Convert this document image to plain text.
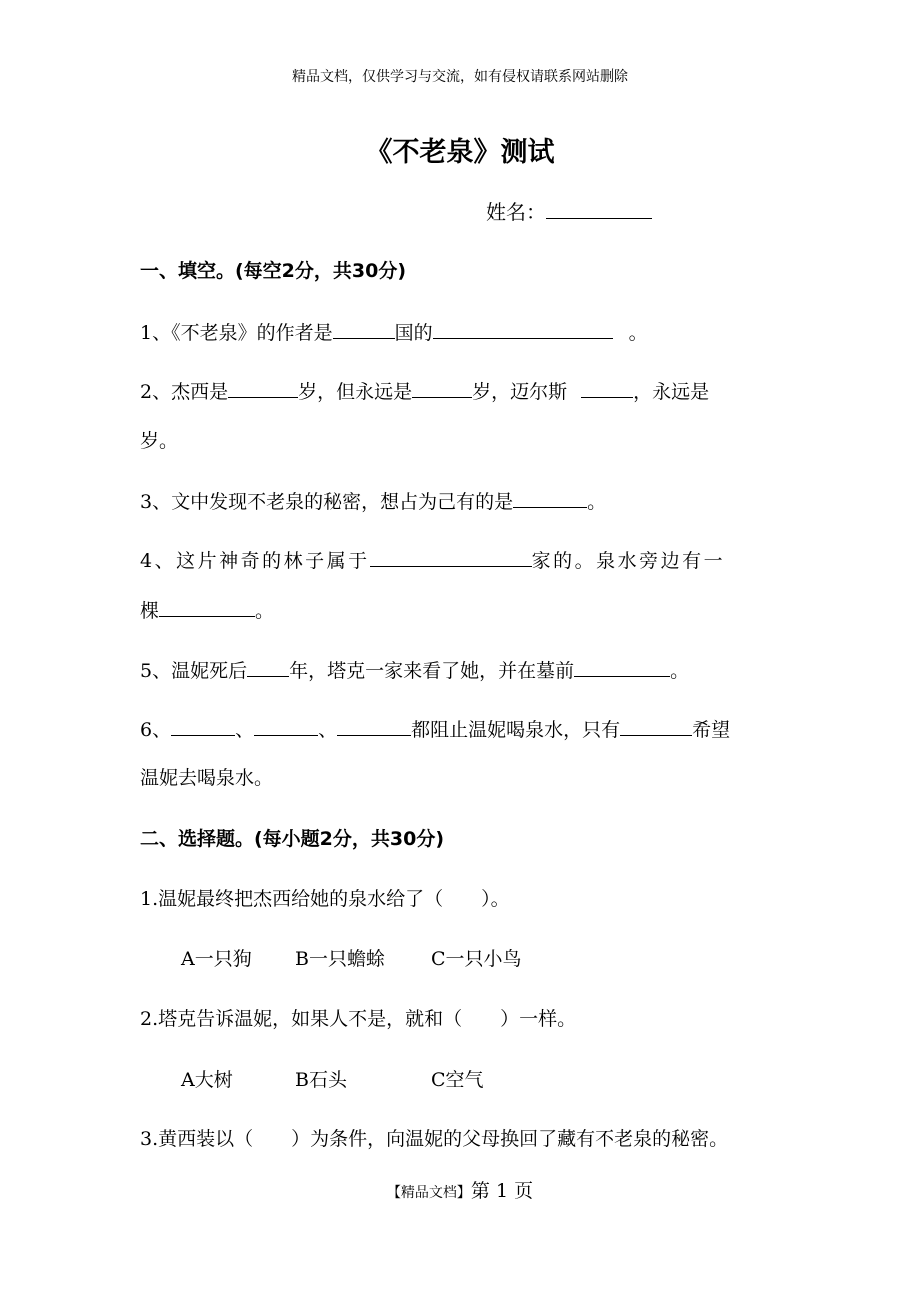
精品文档，仅供学习与交流，如有侵权请联系网站删除
《不老泉》测试
姓名：
一、填空。(每空2分，共30分)
1、《不老泉》的作者是	国的	。
2、杰西是	岁，但永远是	岁，迈尔斯	，永远是
岁。
3、文中发现不老泉的秘密，想占为己有的是	。
4、这片神奇的林子属于	家的。泉水旁边有一
棵	。
5、温妮死后 年，塔克一家来看了她，并在墓前	。
6、	、	、	都阻止温妮喝泉水，只有	希望
温妮去喝泉水。
二、选择题。(每小题2分，共30分)
1.温妮最终把杰西给她的泉水给了（　　）。
A一只狗 B一只蟾蜍 C一只小鸟
2.塔克告诉温妮，如果人不是，就和（　　）一样。
A大树	B石头	C空气
3.黄西装以（　　）为条件，向温妮的父母换回了藏有不老泉的秘密。
【精品文档】第 1 页
